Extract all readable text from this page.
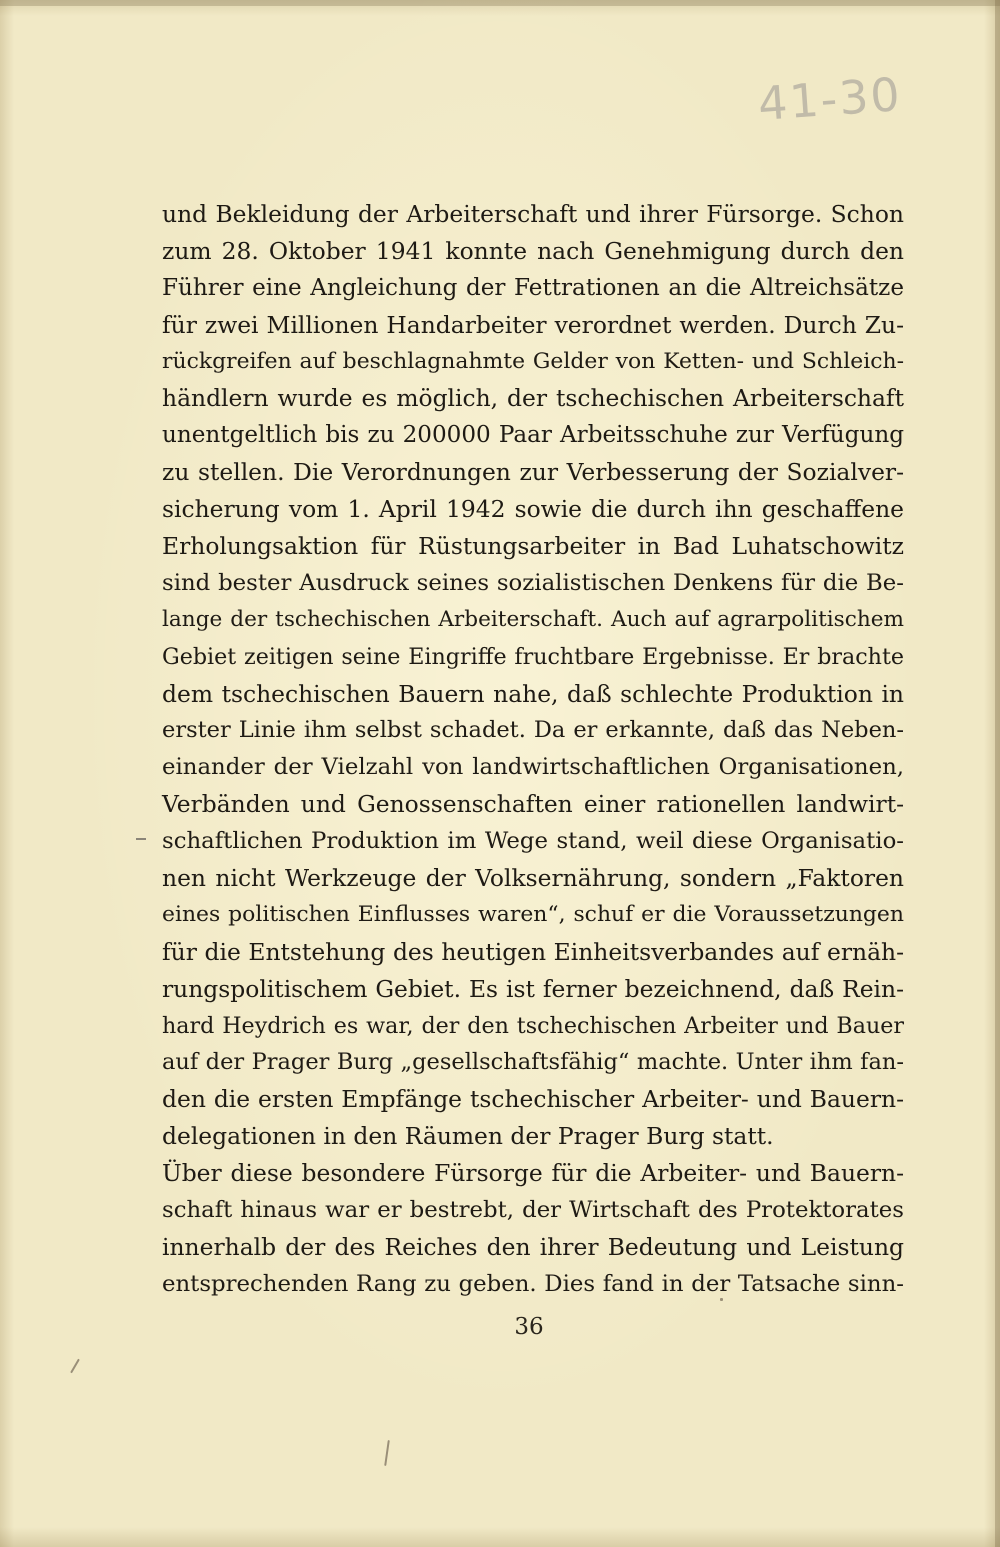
41-30
und Bekleidung der Arbeiterschaft und ihrer Fürsorge. Schon
zum 28. Oktober 1941 konnte nach Genehmigung durch den
Führer eine Angleichung der Fettrationen an die Altreichsätze
für zwei Millionen Handarbeiter verordnet werden. Durch Zu-
rückgreifen auf beschlagnahmte Gelder von Ketten- und Schleich-
händlern wurde es möglich, der tschechischen Arbeiterschaft
unentgeltlich bis zu 200000 Paar Arbeitsschuhe zur Verfügung
zu stellen. Die Verordnungen zur Verbesserung der Sozialver-
sicherung vom 1. April 1942 sowie die durch ihn geschaffene
Erholungsaktion für Rüstungsarbeiter in Bad Luhatschowitz
sind bester Ausdruck seines sozialistischen Denkens für die Be-
lange der tschechischen Arbeiterschaft. Auch auf agrarpolitischem
Gebiet zeitigen seine Eingriffe fruchtbare Ergebnisse. Er brachte
dem tschechischen Bauern nahe, daß schlechte Produktion in
erster Linie ihm selbst schadet. Da er erkannte, daß das Neben-
einander der Vielzahl von landwirtschaftlichen Organisationen,
Verbänden und Genossenschaften einer rationellen landwirt-
schaftlichen Produktion im Wege stand, weil diese Organisatio-
nen nicht Werkzeuge der Volksernährung, sondern „Faktoren
eines politischen Einflusses waren“, schuf er die Voraussetzungen
für die Entstehung des heutigen Einheitsverbandes auf ernäh-
rungspolitischem Gebiet. Es ist ferner bezeichnend, daß Rein-
hard Heydrich es war, der den tschechischen Arbeiter und Bauer
auf der Prager Burg „gesellschaftsfähig“ machte. Unter ihm fan-
den die ersten Empfänge tschechischer Arbeiter- und Bauern-
delegationen in den Räumen der Prager Burg statt.
Über diese besondere Fürsorge für die Arbeiter- und Bauern-
schaft hinaus war er bestrebt, der Wirtschaft des Protektorates
innerhalb der des Reiches den ihrer Bedeutung und Leistung
entsprechenden Rang zu geben. Dies fand in der Tatsache sinn-
36
